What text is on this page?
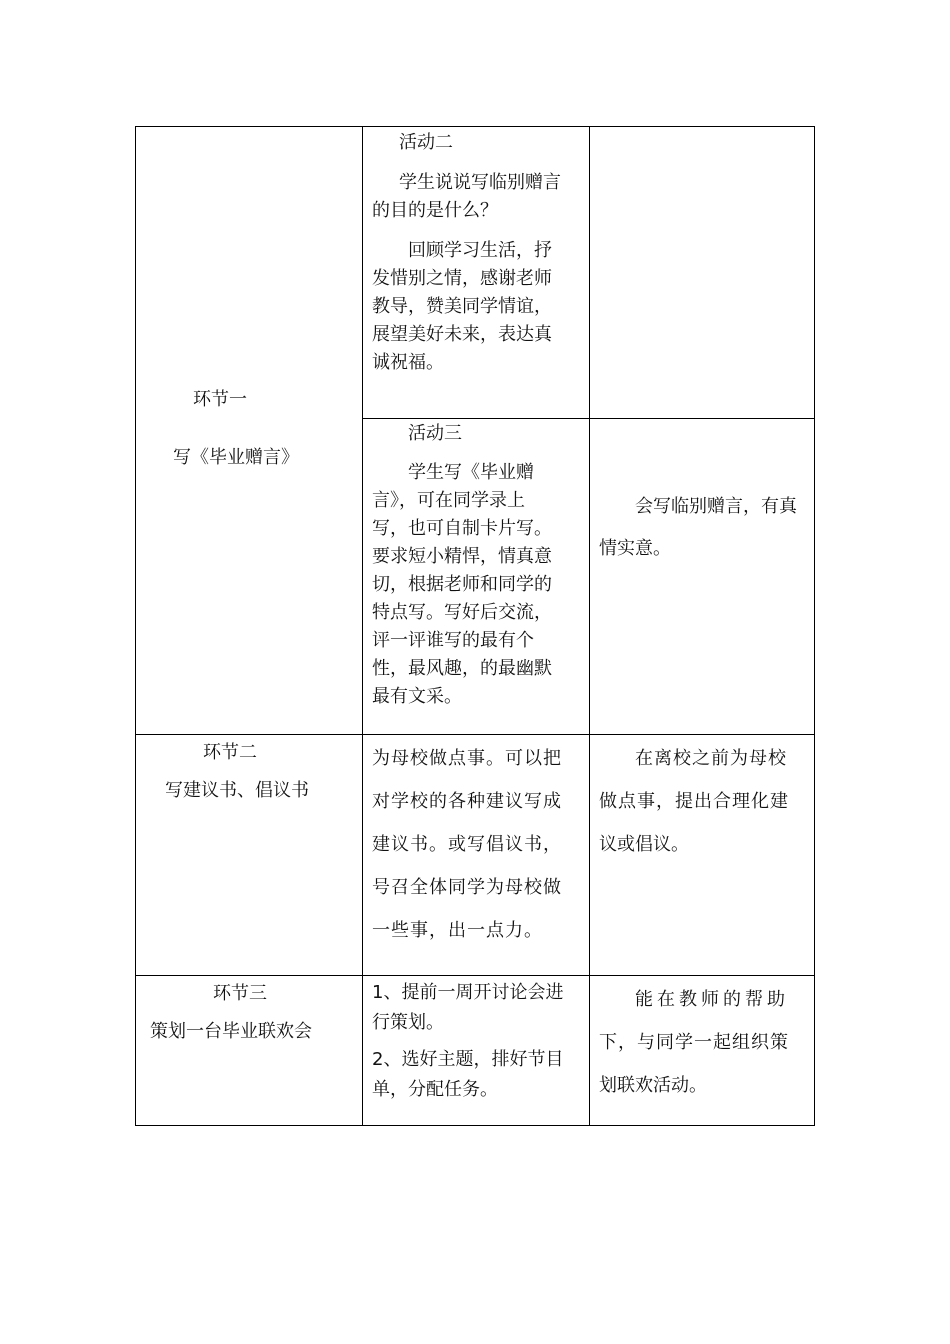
环节一
写《毕业赠言》
活动二
学生说说写临别赠言
的目的是什么？
回顾学习生活，抒
发惜别之情，感谢老师
教导，赞美同学情谊，
展望美好未来，表达真
诚祝福。
活动三
学生写《毕业赠
言》，可在同学录上
写，也可自制卡片写。
要求短小精悍，情真意
切，根据老师和同学的
特点写。写好后交流，
评一评谁写的最有个
性，最风趣，的最幽默
最有文采。
会写临别赠言，有真
情实意。
环节二
写建议书、倡议书
为母校做点事。可以把
对学校的各种建议写成
建议书。或写倡议书，
号召全体同学为母校做
一些事，出一点力。
在离校之前为母校
做点事，提出合理化建
议或倡议。
环节三
策划一台毕业联欢会
1、提前一周开讨论会进
行策划。
2、选好主题，排好节目
单，分配任务。
能在教师的帮助
下，与同学一起组织策
划联欢活动。
